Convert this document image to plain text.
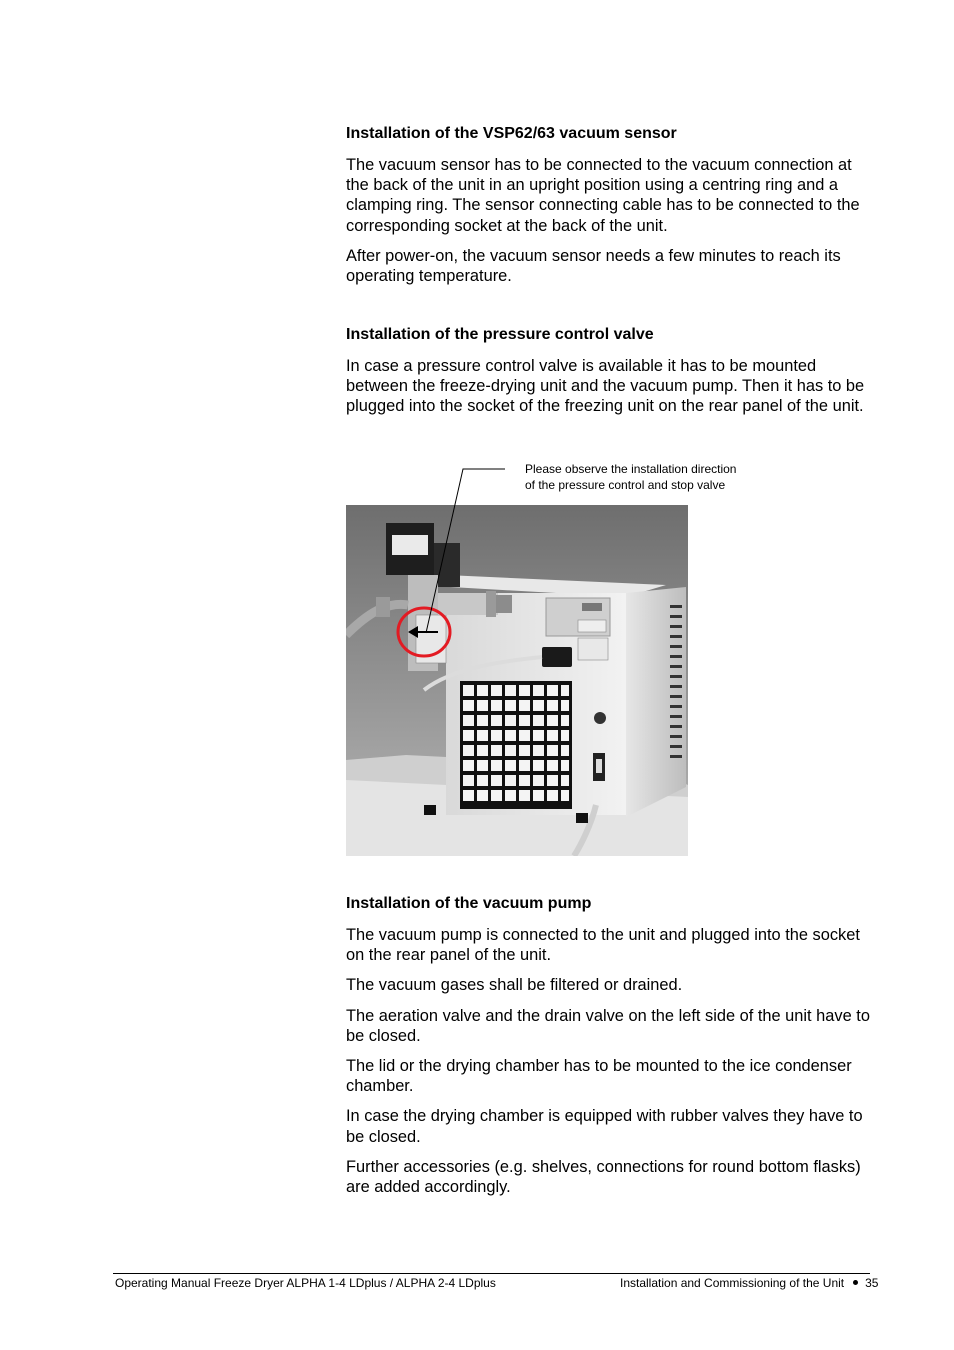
Installation of the VSP62/63 vacuum sensor

The vacuum sensor has to be connected to the vacuum connection at the back of the unit in an upright position using a centring ring and a clamping ring. The sensor connecting cable has to be connected to the corresponding socket at the back of the unit.

After power-on, the vacuum sensor needs a few minutes to reach its operating temperature.

Installation of the pressure control valve

In case a pressure control valve is available it has to be mounted between the freeze-drying unit and the vacuum pump. Then it has to be plugged into the socket of the freezing unit on the rear panel of the unit.

Please observe the installation direction
of the pressure control and stop valve
Installation of the vacuum pump

The vacuum pump is connected to the unit and plugged into the socket on the rear panel of the unit.

The vacuum gases shall be filtered or drained.

The aeration valve and the drain valve on the left side of the unit have to be closed.

The lid or the drying chamber has to be mounted to the ice condenser chamber.

In case the drying chamber is equipped with rubber valves they have to be closed.

Further accessories (e.g. shelves, connections for round bottom flasks) are added accordingly.

Operating Manual Freeze Dryer ALPHA 1-4 LDplus / ALPHA 2-4 LDplus	Installation and Commissioning of the Unit 35
